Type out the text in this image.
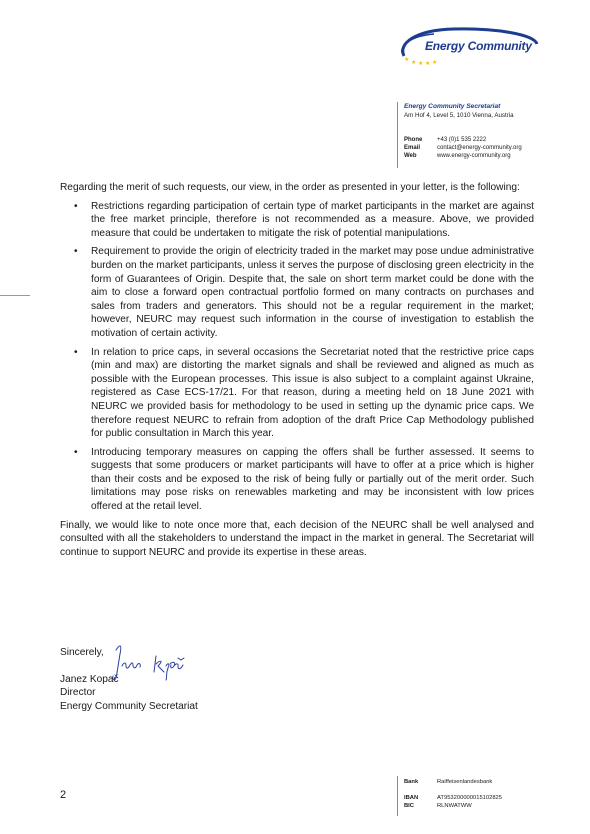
★ ★ ★ ★ ★
Energy Community
Energy Community Secretariat
Am Hof 4, Level 5, 1010 Vienna, Austria
Phone +43 (0)1 535 2222
Email	contact@energy-community.org
Web	www.energy-community.org

Regarding the merit of such requests, our view, in the order as presented in your letter, is the following:

• Restrictions regarding participation of certain type of market participants in the market are against the free market principle, therefore is not recommended as a measure. Above, we provided measure that could be undertaken to mitigate the risk of potential manipulations.
• Requirement to provide the origin of electricity traded in the market may pose undue administrative burden on the market participants, unless it serves the purpose of disclosing green electricity in the form of Guarantees of Origin. Despite that, the sale on short term market could be done with the aim to close a forward open contractual portfolio formed on many contracts on purchases and sales from traders and generators. This should not be a regular requirement in the market; however, NEURC may request such information in the course of investigation to establish the motivation of certain activity.
• In relation to price caps, in several occasions the Secretariat noted that the restrictive price caps (min and max) are distorting the market signals and shall be reviewed and aligned as much as possible with the European processes. This issue is also subject to a complaint against Ukraine, registered as Case ECS-17/21. For that reason, during a meeting held on 18 June 2021 with NEURC we provided basis for methodology to be used in setting up the dynamic price caps. We therefore request NEURC to refrain from adoption of the draft Price Cap Methodology published for public consultation in March this year.
• Introducing temporary measures on capping the offers shall be further assessed. It seems to suggests that some producers or market participants will have to offer at a price which is higher than their costs and be exposed to the risk of being fully or partially out of the merit order. Such limitations may pose risks on renewables marketing and may be inconsistent with low prices offered at the retail level.

Finally, we would like to note once more that, each decision of the NEURC shall be well analysed and consulted with all the stakeholders to understand the impact in the market in general. The Secretariat will continue to support NEURC and provide its expertise in these areas.

Sincerely,
Janez Kopač
Director
Energy Community Secretariat
2
Bank	Raiffeisenlandesbank
IBAN	AT953200000015102825
BIC	RLNWATWW
